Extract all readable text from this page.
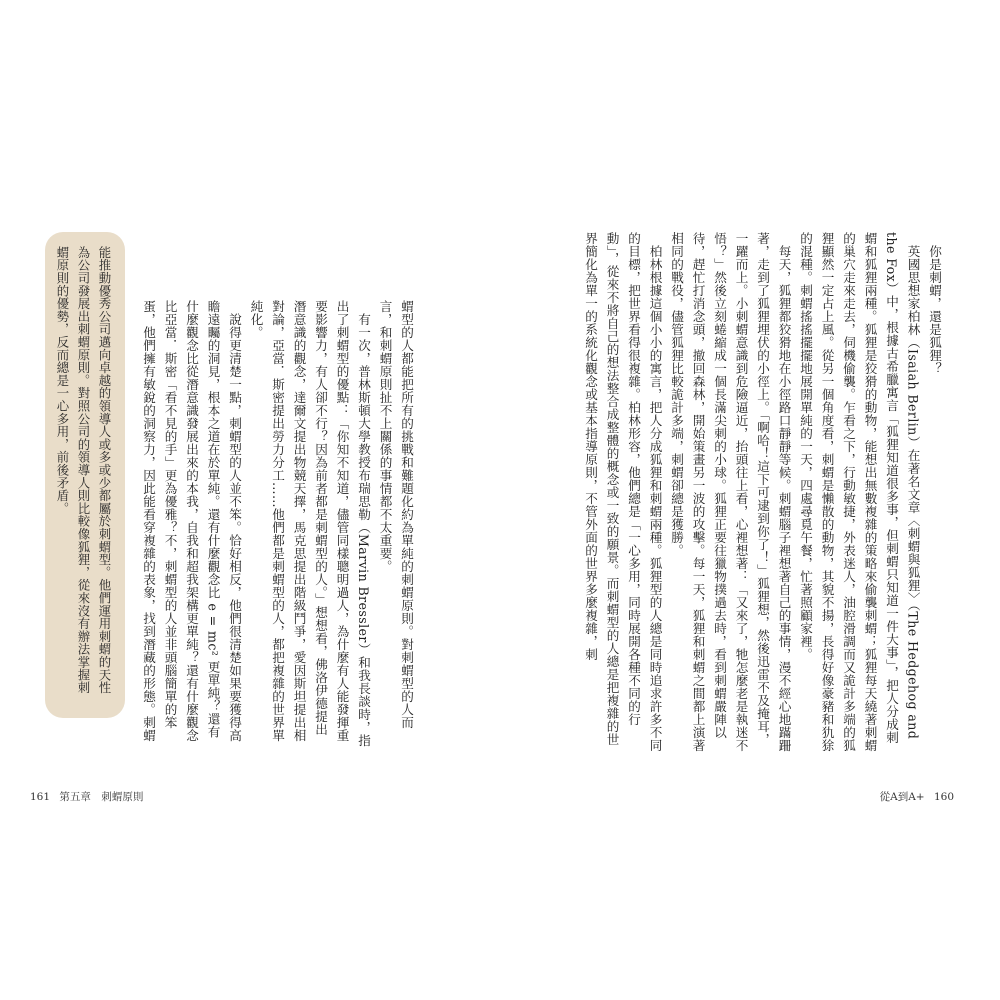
能推動優秀公司邁向卓越的領導人或多或少都屬於刺蝟型。他們運用刺蝟的天性為公司發展出刺蝟原則。對照公司的領導人則比較像狐狸，從來沒有辦法掌握刺蝟原則的優勢，反而總是一心多用，前後矛盾。	蝟型的人都能把所有的挑戰和難題化約為單純的刺蝟原則。對刺蝟型的人而言，和刺蝟原則扯不上關係的事情都不太重要。

有一次，普林斯頓大學教授布瑞思勒（Marvin Bressler）和我長談時，指出了刺蝟型的優點：「你知不知道，儘管同樣聰明過人，為什麼有人能發揮重要影響力，有人卻不行？因為前者都是刺蝟型的人。」想想看，佛洛伊德提出潛意識的觀念，達爾文提出物競天擇，馬克思提出階級鬥爭，愛因斯坦提出相對論，亞當．斯密提出勞力分工……他們都是刺蝟型的人，都把複雜的世界單純化。

說得更清楚一點，刺蝟型的人並不笨。恰好相反，他們很清楚如果要獲得高瞻遠矚的洞見，根本之道在於單純。還有什麼觀念比 e = mc² 更單純？還有什麼觀念比從潛意識發展出來的本我，自我和超我架構更單純？還有什麼觀念比亞當．斯密「看不見的手」更為優雅？不，刺蝟型的人並非頭腦簡單的笨蛋，他們擁有敏銳的洞察力，因此能看穿複雜的表象，找到潛藏的形態。刺蝟

161 第五章　刺蝟原則

你是刺蝟，還是狐狸？

英國思想家柏林（Isaiah Berlin）在著名文章〈刺蝟與狐狸〉（The Hedgehog and the Fox）中，根據古希臘寓言「狐狸知道很多事，但刺蝟只知道一件大事」，把人分成刺蝟和狐狸兩種。狐狸是狡猾的動物，能想出無數複雜的策略來偷襲刺蝟；狐狸每天繞著刺蝟的巢穴走來走去，伺機偷襲。乍看之下，行動敏捷，外表迷人，油腔滑調而又詭計多端的狐狸顯然一定占上風。從另一個角度看，刺蝟是懶散的動物，其貌不揚，長得好像豪豬和犰狳的混種。刺蝟搖搖擺擺地展開單純的一天，四處尋覓午餐，忙著照顧家裡。

每天，狐狸都狡猾地在小徑路口靜靜等候。刺蝟腦子裡想著自己的事情，漫不經心地蹣跚著，走到了狐狸埋伏的小徑上。「啊哈！這下可逮到你了！」狐狸想，然後迅雷不及掩耳，一躍而上。小刺蝟意識到危險逼近，抬頭往上看，心裡想著：「又來了，牠怎麼老是執迷不悟？」然後立刻蜷縮成一個長滿尖刺的小球。狐狸正要往獵物撲過去時，看到刺蝟嚴陣以待，趕忙打消念頭，撤回森林，開始策畫另一波的攻擊。每一天，狐狸和刺蝟之間都上演著相同的戰役，儘管狐狸比較詭計多端，刺蝟卻總是獲勝。

柏林根據這個小小的寓言，把人分成狐狸和刺蝟兩種。狐狸型的人總是同時追求許多不同的目標，把世界看得很複雜。柏林形容，他們總是「一心多用，同時展開各種不同的行動」，從來不將自己的想法整合成整體的概念或一致的願景。而刺蝟型的人總是把複雜的世界簡化為單一的系統化觀念或基本指導原則，不管外面的世界多麼複雜，刺

從A到A+ 160
